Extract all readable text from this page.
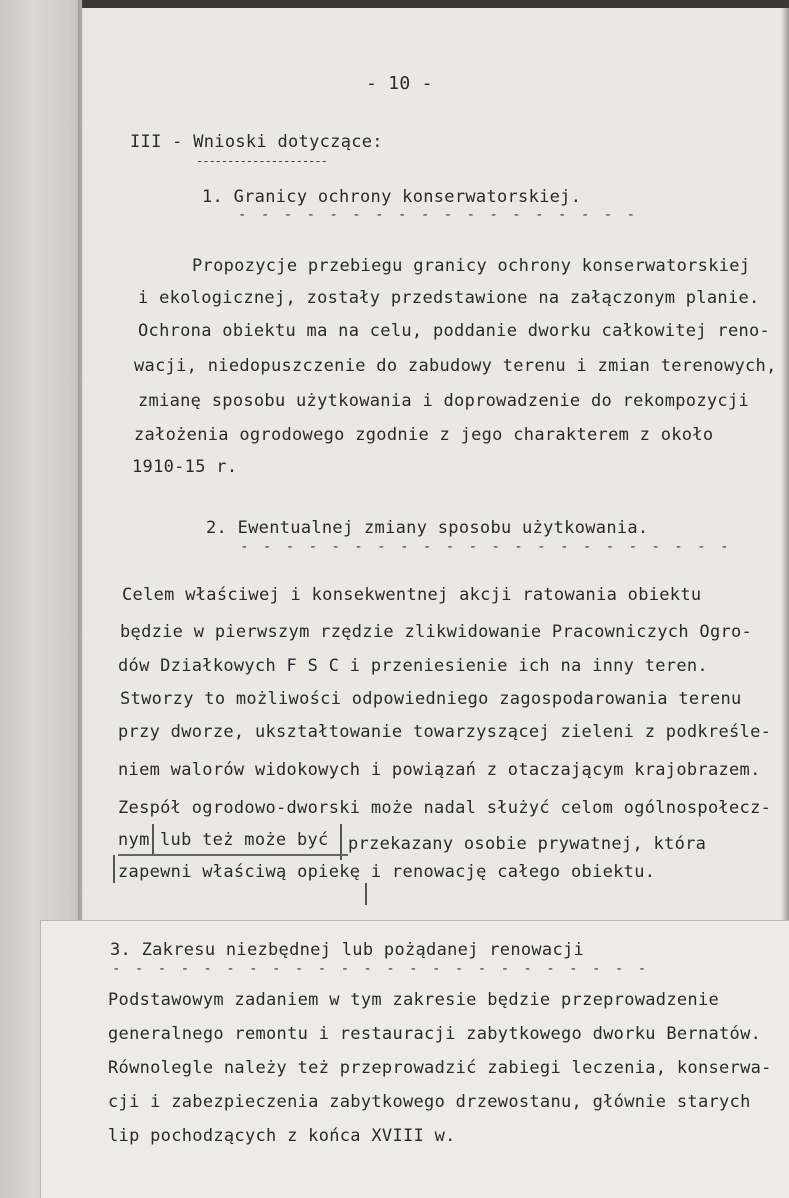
- 10 -
III - Wnioski dotyczące:
---------------------
1. Granicy ochrony konserwatorskiej.
- - - - - - - - - - - - - - - - - -
Propozycje przebiegu granicy ochrony konserwatorskiej
i ekologicznej, zostały przedstawione na załączonym planie.
Ochrona obiektu ma na celu, poddanie dworku całkowitej reno-
wacji, niedopuszczenie do zabudowy terenu i zmian terenowych,
zmianę sposobu użytkowania i doprowadzenie do rekompozycji
założenia ogrodowego zgodnie z jego charakterem z około
1910-15 r.
2. Ewentualnej zmiany sposobu użytkowania.
- - - - - - - - - - - - - - - - - - - - - -
Celem właściwej i konsekwentnej akcji ratowania obiektu
będzie w pierwszym rzędzie zlikwidowanie Pracowniczych Ogro-
dów Działkowych F S C i przeniesienie ich na inny teren.
Stworzy to możliwości odpowiedniego zagospodarowania terenu
przy dworze, ukształtowanie towarzyszącej zieleni z podkreśle-
niem walorów widokowych i powiązań z otaczającym krajobrazem.
Zespół ogrodowo-dworski może nadal służyć celom ogólnospołecz-
nym lub też może być przekazany osobie prywatnej, która
zapewni właściwą opiekę i renowację całego obiektu.
3. Zakresu niezbędnej lub pożądanej renowacji
- - - - - - - - - - - - - - - - - - - - - - - -
Podstawowym zadaniem w tym zakresie będzie przeprowadzenie
generalnego remontu i restauracji zabytkowego dworku Bernatów.
Równolegle należy też przeprowadzić zabiegi leczenia, konserwa-
cji i zabezpieczenia zabytkowego drzewostanu, głównie starych
lip pochodzących z końca XVIII w.
